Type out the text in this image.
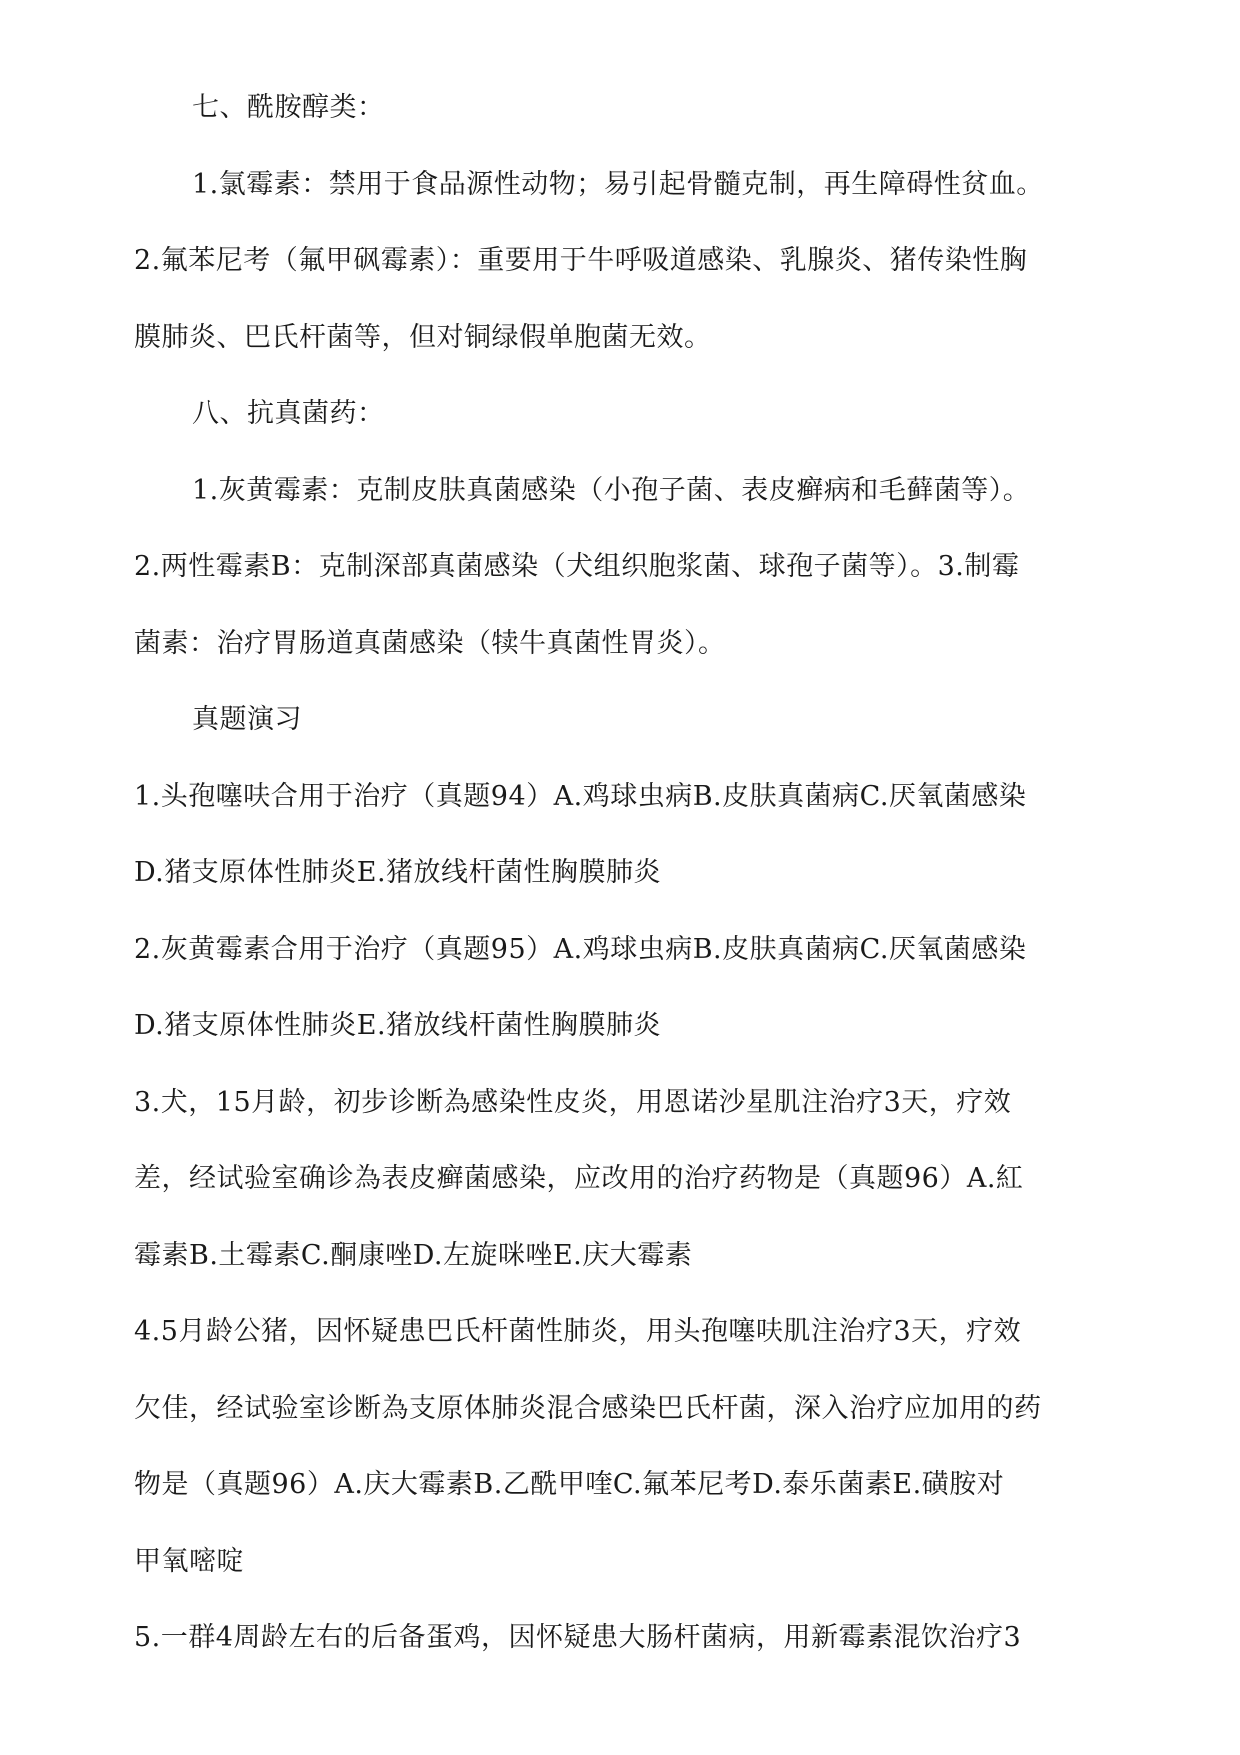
七、酰胺醇类：
1.氯霉素：禁用于食品源性动物；易引起骨髓克制，再生障碍性贫血。
2.氟苯尼考（氟甲砜霉素）：重要用于牛呼吸道感染、乳腺炎、猪传染性胸
膜肺炎、巴氏杆菌等，但对铜绿假单胞菌无效。
八、抗真菌药：
1.灰黄霉素：克制皮肤真菌感染（小孢子菌、表皮癣病和毛藓菌等）。
2.两性霉素B：克制深部真菌感染（犬组织胞浆菌、球孢子菌等）。3.制霉
菌素：治疗胃肠道真菌感染（犊牛真菌性胃炎）。
真题演习
1.头孢噻呋合用于治疗（真题94）A.鸡球虫病B.皮肤真菌病C.厌氧菌感染
D.猪支原体性肺炎E.猪放线杆菌性胸膜肺炎
2.灰黄霉素合用于治疗（真题95）A.鸡球虫病B.皮肤真菌病C.厌氧菌感染
D.猪支原体性肺炎E.猪放线杆菌性胸膜肺炎
3.犬，15月龄，初步诊断為感染性皮炎，用恩诺沙星肌注治疗3天，疗效
差，经试验室确诊為表皮癣菌感染，应改用的治疗药物是（真题96）A.紅
霉素B.土霉素C.酮康唑D.左旋咪唑E.庆大霉素
4.5月龄公猪，因怀疑患巴氏杆菌性肺炎，用头孢噻呋肌注治疗3天，疗效
欠佳，经试验室诊断為支原体肺炎混合感染巴氏杆菌，深入治疗应加用的药
物是（真题96）A.庆大霉素B.乙酰甲喹C.氟苯尼考D.泰乐菌素E.磺胺对
甲氧嘧啶
5.一群4周龄左右的后备蛋鸡，因怀疑患大肠杆菌病，用新霉素混饮治疗3
